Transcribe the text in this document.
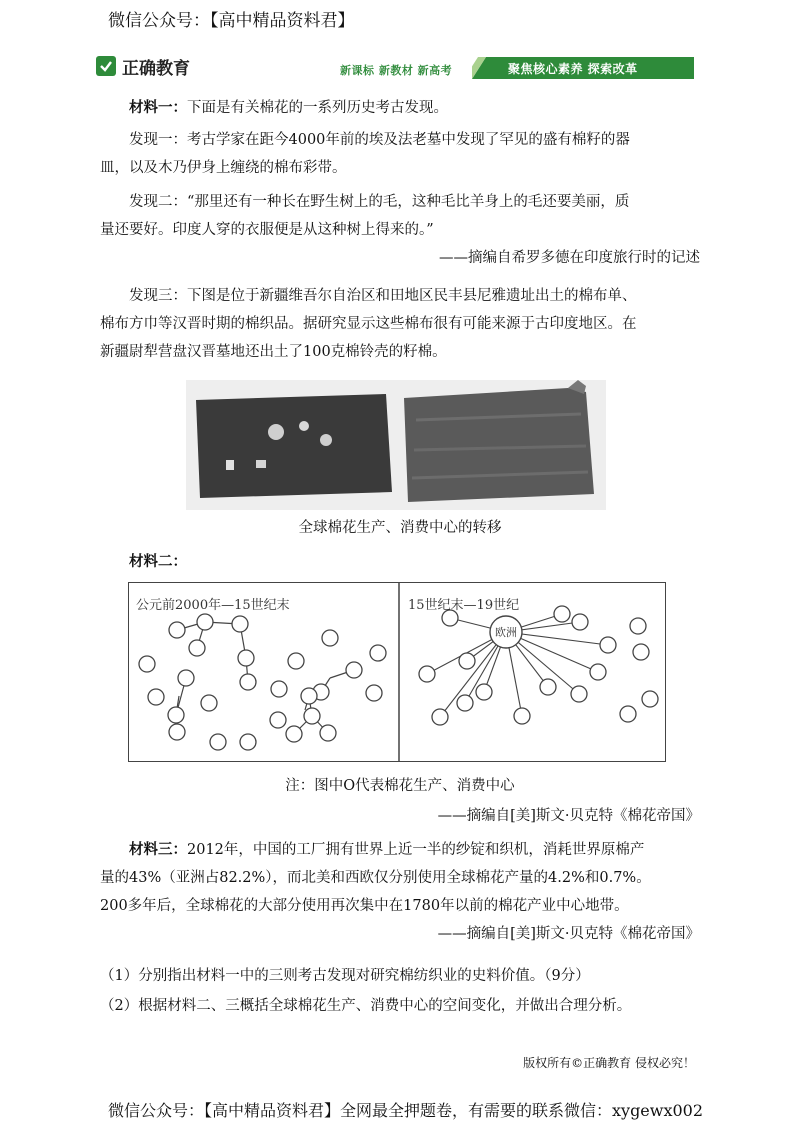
微信公众号：【高中精品资料君】
正确教育	新课标 新教材 新高考	聚焦核心素养 探索改革
材料一：下面是有关棉花的一系列历史考古发现。
发现一：考古学家在距今4000年前的埃及法老墓中发现了罕见的盛有棉籽的器
皿，以及木乃伊身上缠绕的棉布彩带。
发现二：“那里还有一种长在野生树上的毛，这种毛比羊身上的毛还要美丽，质
量还要好。印度人穿的衣服便是从这种树上得来的。”
——摘编自希罗多德在印度旅行时的记述
发现三：下图是位于新疆维吾尔自治区和田地区民丰县尼雅遗址出土的棉布单、
棉布方巾等汉晋时期的棉织品。据研究显示这些棉布很有可能来源于古印度地区。在
新疆尉犁营盘汉晋墓地还出土了100克棉铃壳的籽棉。
全球棉花生产、消费中心的转移
材料二：
公元前2000年—15世纪末	15世纪末—19世纪
欧洲
注：图中O代表棉花生产、消费中心
——摘编自[美]斯文·贝克特《棉花帝国》
材料三：2012年，中国的工厂拥有世界上近一半的纱锭和织机，消耗世界原棉产
量的43%（亚洲占82.2%），而北美和西欧仅分别使用全球棉花产量的4.2%和0.7%。
200多年后，全球棉花的大部分使用再次集中在1780年以前的棉花产业中心地带。
——摘编自[美]斯文·贝克特《棉花帝国》
（1）分别指出材料一中的三则考古发现对研究棉纺织业的史料价值。（9分）
（2）根据材料二、三概括全球棉花生产、消费中心的空间变化，并做出合理分析。
版权所有©正确教育 侵权必究！
微信公众号：【高中精品资料君】全网最全押题卷，有需要的联系微信：xygewx002
